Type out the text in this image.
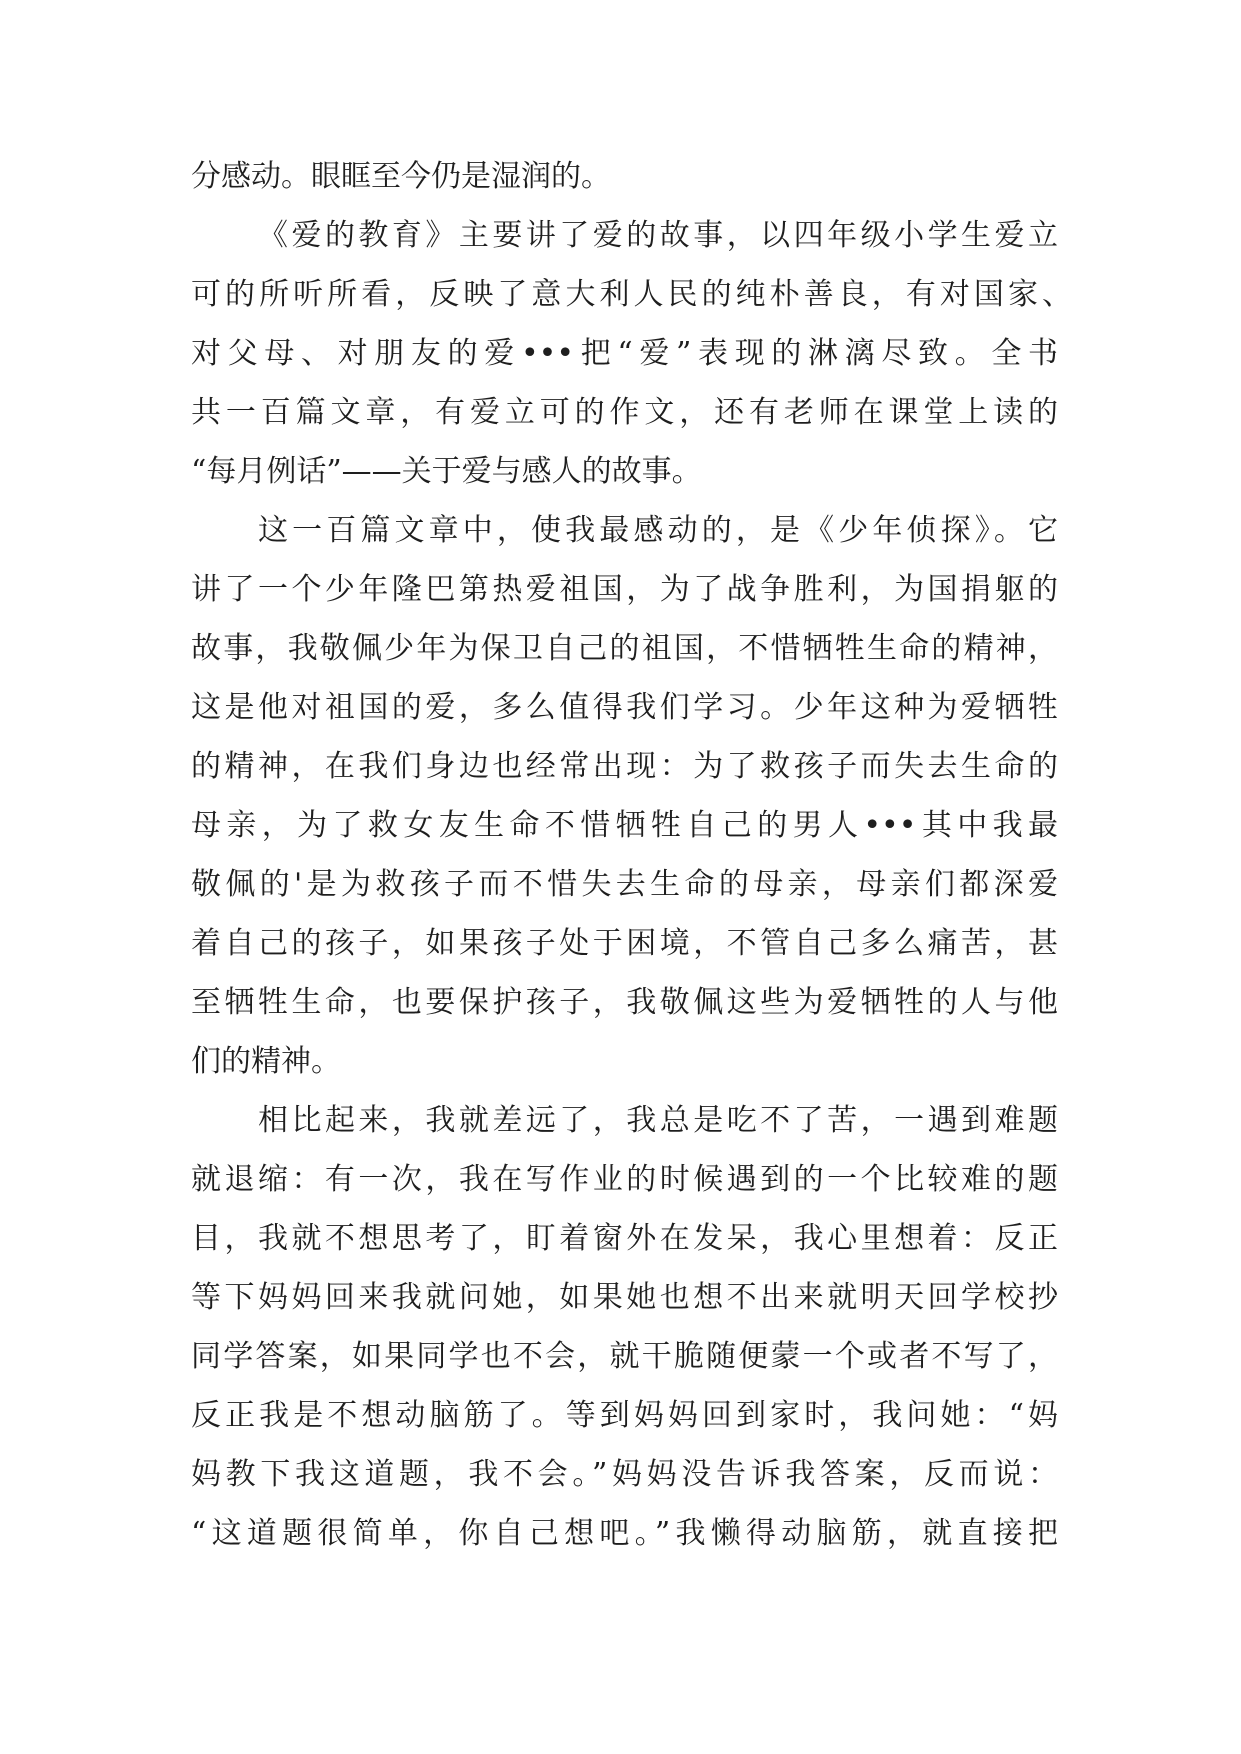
分感动。眼眶至今仍是湿润的。
《爱的教育》主要讲了爱的故事，以四年级小学生爱立
可的所听所看，反映了意大利人民的纯朴善良，有对国家、
对父母、对朋友的爱•••把“爱”表现的淋漓尽致。全书
共一百篇文章，有爱立可的作文，还有老师在课堂上读的
“每月例话”——关于爱与感人的故事。
这一百篇文章中，使我最感动的，是《少年侦探》。它
讲了一个少年隆巴第热爱祖国，为了战争胜利，为国捐躯的
故事，我敬佩少年为保卫自己的祖国，不惜牺牲生命的精神，
这是他对祖国的爱，多么值得我们学习。少年这种为爱牺牲
的精神，在我们身边也经常出现：为了救孩子而失去生命的
母亲，为了救女友生命不惜牺牲自己的男人•••其中我最
敬佩的'是为救孩子而不惜失去生命的母亲，母亲们都深爱
着自己的孩子，如果孩子处于困境，不管自己多么痛苦，甚
至牺牲生命，也要保护孩子，我敬佩这些为爱牺牲的人与他
们的精神。
相比起来，我就差远了，我总是吃不了苦，一遇到难题
就退缩：有一次，我在写作业的时候遇到的一个比较难的题
目，我就不想思考了，盯着窗外在发呆，我心里想着：反正
等下妈妈回来我就问她，如果她也想不出来就明天回学校抄
同学答案，如果同学也不会，就干脆随便蒙一个或者不写了，
反正我是不想动脑筋了。等到妈妈回到家时，我问她：“妈
妈教下我这道题，我不会。”妈妈没告诉我答案，反而说：
“这道题很简单，你自己想吧。”我懒得动脑筋，就直接把
